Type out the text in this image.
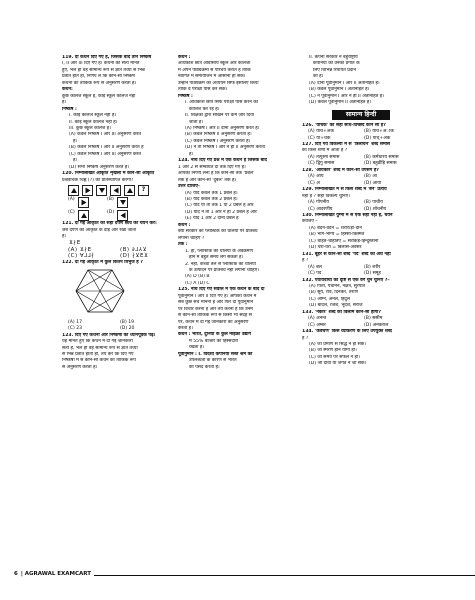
119. दो कथन दिए गए हैं, जिसके बाद तीन निष्कर्ष
I, II और III दिए गए हैं। कथनों को सत्य मानते
हुए, भले ही वह सामान्य रूप से ज्ञात तथ्यों से भिन्न
प्रतीत होते हों, निर्णय लें कि कौन-सा निष्कर्ष
कथनों का तार्किक रूप से अनुसरण करता है।
कथन:
कुछ कॉलेज स्कूल हैं, कोई स्कूल कॉलेज नहीं
है।
निष्कर्ष :
I. कोई कॉलेज स्कूल नहीं है।
II. कोई स्कूल कॉलेज नहीं है।
III. कुछ स्कूल कॉलेज हैं।
(A) केवल निष्कर्ष I और III अनुसरण करते
हैं।
(B) केवल निष्कर्ष I और II अनुसरण करते हैं
(C) केवल निष्कर्ष I और III अनुसरण करते
हैं।
(D) सभी निष्कर्ष अनुसरण करते हैं।
120. निम्नलिखित आकृति शृंखला में कौन-सी आकृति
प्रश्नवाचक चिह्न (?) को प्रतिस्थापित करेगी?
?
(A)	(B)
(C)	(D)
121. दी गई आकृति की सही दर्पण छवि का चयन करें।
जब दर्पण को आकृति के दाईं ओर रखा जाता
है।
⊻∤Ε
(A) ⊻∤Ε	(B) ∂⅃⅄⊻
(C) ∀⅃⅃∤	(D) ∤⊻Ε⊻
122. दी गई आकृति में कुल कितने त्रिभुज हैं ?
(A) 17	(B) 19
(C) 23	(D) 20
123. दिए गए कथनों और निष्कर्षों को ध्यानपूर्वक पढ़ें।
यह मानते हुए कि कथन में दी गई जानकारी
सत्य है, भले ही वह सामान्य रूप से ज्ञात तथ्यों
से भिन्न प्रतीत होती हो, तय करें कि दिए गए
निष्कर्षों में से कौन-सा कथन का तार्किक रूप
से अनुसरण करता है।
कथन :
अधिकांश छात्र आवासीय स्कूल और कॉलेजों
में अपने पाठ्यक्रमों से परिचय कराते हैं ताकि
नवागत में समायोजन में आसानी हो सके।
उन्होंने पाठ्यक्रम का अध्ययन सिर्फ इसलिए किया
ताकि वे परीक्षा पास कर सकें।
निष्कर्ष :
I. अधिकांश छात्र सिर्फ परीक्षा पास करने की
कोशिश कर रहे हैं।
II. शिक्षकों द्वारा सीखने पर कम ज़ोर दिया
जाता है।
(A) निष्कर्ष I और II दोनों अनुसरण करते हैं।
(B) केवल निष्कर्ष II अनुसरण करता है।
(C) केवल निष्कर्ष I अनुसरण करता है।
(D) न तो निष्कर्ष I और न ही II अनुसरण करता
है।
124. नीचे दिए गए प्रश्न में एक कथन है जिसके बाद
1 और 2 से सम्बंधित दो तर्क दिए गए हैं।
आपको निर्णय लेना है कि कौन-सा तर्क 'प्रबल'
तर्क है और कौन-सा 'दुर्बल' तर्क है।
उत्तर दीजिए-
(A) यदि केवल तर्क 1 प्रबल है।
(B) यदि केवल तर्क 2 प्रबल है।
(C) यदि या तो तर्क 1 या 2 प्रबल है और
(D) यदि न तो 1 और न ही 2 प्रबल है और
(E) यदि 1 और 2 दोनों प्रबल हैं
कथन :
क्या सरकार को प्लास्टिक की थैलियों पर प्रतिबंध
लगाना चाहिए ?
तर्क :
1. हाँ, प्लास्टिक की थैलियों के अवक्रमण
होने में बहुत समय लग सकता है।
2. नहीं, कच्चा तेल से प्लास्टिक की थैलियों
के उत्पादन पर प्रतिबंध नहीं लगाना चाहिए।
(A) D (B) B
(C) A (D) C
125. नीचे दिए गए सवाल में एक कथन के बाद दो
पूर्वानुमान I और II दिए गए हैं। आपको कथन में
सब कुछ सच मानना है और फिर दी पूर्वानुमान
पर विचार करना है और तय करना है कि उनमें
से कौन-सा तार्किक रूप से किसी भी संदेह से
परे, कथन में दी गई जानकारी का अनुसरण
करता है।
कथन : भारत, दुनिया के कुल माइक्रो उद्योग
में 55% बाजार की हिस्सेदारी
रखता है।
पूर्वानुमान : I. विदेशी कंपनियां सस्ते श्रम की
उपलब्धता के कारण से भारत
को पसंद करती हैं।
II. कंपनी सरकार ने बहुराष्ट्रीय
कंपनियों को उनकी प्रगति के
लिए विभिन्न रियायतें प्रदान
की हैं।
(A) दोनों पूर्वानुमान I और II अंतर्निहित हैं।
(B) केवल पूर्वानुमान I अंतर्निहित है।
(C) न पूर्वानुमान I और न ही II अंतर्निहित है।
(D) केवल पूर्वानुमान II अंतर्निहित है।
सामान्य हिन्दी
126. 'याचक' का सही संधि-विच्छेद कौन सा है?
(A) याच+अक	(B) याच+अाक
(C) या+चक	(D) याच्+अक
127. दिए गये विकल्पों में से 'त्रिलोचन' शब्द समास
की किस श्रेणी में आता है ?
(A) तत्पुरुष समास	(B) कर्मधारय समास
(C) द्विगु समास	(D) बहुव्रीहि समास
128. 'आयकार' शब्द में कौन-सा उपसर्ग है?
(A) आय	(B) आ
(C) अ	(D) आया
129. निम्नलिखित में से किस शब्द में 'बेन' प्रत्यय
नहीं है ? सही विकल्प चुनिए।
(A) गोपनीय	(B) पाचीय
(C) आदरणीय	(D) शोचनीय
130. निम्नलिखित युग्मों में से एक सही नहीं है, चयन
कीजिए –
(A) बदन-वदन = शरीर/ड़ा-दीन
(B) भाग-भाग्य = हिस्सा-किस्मत
(C) चाहते-चाहतिए = सराकड़े-हिन्दुस्तानी
(D) चरा-वरा = बिलास-अवसर
131. बूहरे से कौन-सा शब्द 'पद' शब्द का अर्थ नहीं
है ?
(A) बल	(B) शरीर
(C) पद	(D) समूह
132. पर्यायवाची की दृष्टि से एक वर्ग चुन चुनिए ?–
(A) पिता, पंचानन, नक्षत्र, सुरपति
(B) सूर्य, रवि, दिनकर, तरणि
(C) अग्नि, अनल, हिंदुल
(D) बादल, रजेश, भूदेश, सरोज
133. 'नकोर' शब्द का विलोम कौन-सा होगा?
(A) अनन्त	(B) ससीम
(C) अम्बर	(D) अनकराल
134. 'कवचैण' किस व्याकरण के लिए उपयुक्त शब्द
है ?
(A) जो प्रमाण से सिद्ध न हो सके।
(B) जो स्मरण होने योग्य हो।
(C) जो समय पर सफल न हो।
(D) जो दीवा या जगत न जा सके।
6 | AGRAWAL EXAMCART
